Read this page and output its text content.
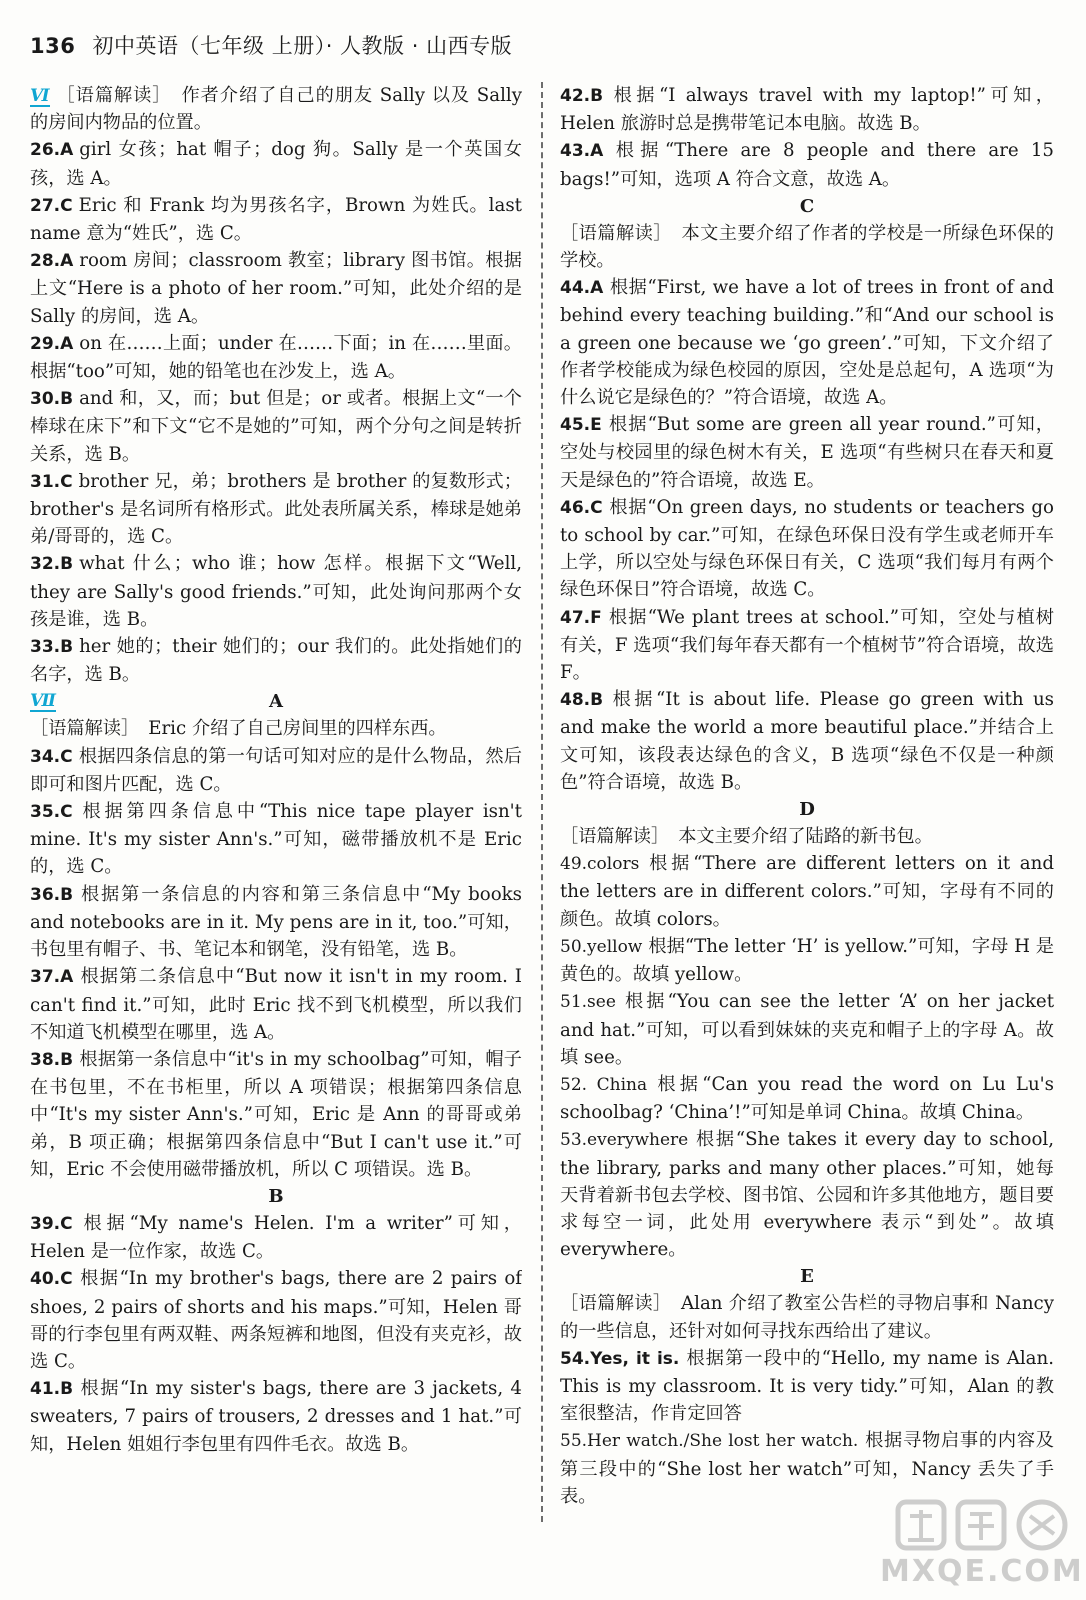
136 初中英语（七年级 上册）· 人教版 · 山西专版

Ⅵ ［语篇解读］　作者介绍了自己的朋友 Sally 以及 Sally 的房间内物品的位置。

26.A girl 女孩；hat 帽子；dog 狗。Sally 是一个英国女孩，选 A。

27.C Eric 和 Frank 均为男孩名字，Brown 为姓氏。last name 意为“姓氏”，选 C。

28.A room 房间；classroom 教室；library 图书馆。根据上文“Here is a photo of her room.”可知，此处介绍的是 Sally 的房间，选 A。

29.A on 在……上面；under 在……下面；in 在……里面。根据“too”可知，她的铅笔也在沙发上，选 A。

30.B and 和，又，而；but 但是；or 或者。根据上文“一个棒球在床下”和下文“它不是她的”可知，两个分句之间是转折关系，选 B。

31.C brother 兄，弟；brothers 是 brother 的复数形式；brother's 是名词所有格形式。此处表所属关系，棒球是她弟弟/哥哥的，选 C。

32.B what 什么；who 谁；how 怎样。根据下文“Well, they are Sally's good friends.”可知，此处询问那两个女孩是谁，选 B。

33.B her 她的；their 她们的；our 我们的。此处指她们的名字，选 B。

Ⅶ	A

［语篇解读］　Eric 介绍了自己房间里的四样东西。

34.C 根据四条信息的第一句话可知对应的是什么物品，然后即可和图片匹配，选 C。

35.C 根据第四条信息中“This nice tape player isn't mine. It's my sister Ann's.”可知，磁带播放机不是 Eric 的，选 C。

36.B 根据第一条信息的内容和第三条信息中“My books and notebooks are in it. My pens are in it, too.”可知，书包里有帽子、书、笔记本和钢笔，没有铅笔，选 B。

37.A 根据第二条信息中“But now it isn't in my room. I can't find it.”可知，此时 Eric 找不到飞机模型，所以我们不知道飞机模型在哪里，选 A。

38.B 根据第一条信息中“it's in my schoolbag”可知，帽子在书包里，不在书柜里，所以 A 项错误；根据第四条信息中“It's my sister Ann's.”可知，Eric 是 Ann 的哥哥或弟弟，B 项正确；根据第四条信息中“But I can't use it.”可知，Eric 不会使用磁带播放机，所以 C 项错误。选 B。

B

39.C 根据“My name's Helen. I'm a writer”可知，Helen 是一位作家，故选 C。

40.C 根据“In my brother's bags, there are 2 pairs of shoes, 2 pairs of shorts and his maps.”可知，Helen 哥哥的行李包里有两双鞋、两条短裤和地图，但没有夹克衫，故选 C。

41.B 根据“In my sister's bags, there are 3 jackets, 4 sweaters, 7 pairs of trousers, 2 dresses and 1 hat.”可知，Helen 姐姐行李包里有四件毛衣。故选 B。

42.B 根据“I always travel with my laptop!”可知，Helen 旅游时总是携带笔记本电脑。故选 B。

43.A 根据“There are 8 people and there are 15 bags!”可知，选项 A 符合文意，故选 A。

C

［语篇解读］　本文主要介绍了作者的学校是一所绿色环保的学校。

44.A 根据“First, we have a lot of trees in front of and behind every teaching building.”和“And our school is a green one because we ‘go green’.”可知，下文介绍了作者学校能成为绿色校园的原因，空处是总起句，A 选项“为什么说它是绿色的？”符合语境，故选 A。

45.E 根据“But some are green all year round.”可知，空处与校园里的绿色树木有关，E 选项“有些树只在春天和夏天是绿色的”符合语境，故选 E。

46.C 根据“On green days, no students or teachers go to school by car.”可知，在绿色环保日没有学生或老师开车上学，所以空处与绿色环保日有关，C 选项“我们每月有两个绿色环保日”符合语境，故选 C。

47.F 根据“We plant trees at school.”可知，空处与植树有关，F 选项“我们每年春天都有一个植树节”符合语境，故选 F。

48.B 根据“It is about life. Please go green with us and make the world a more beautiful place.”并结合上文可知，该段表达绿色的含义，B 选项“绿色不仅是一种颜色”符合语境，故选 B。

D

［语篇解读］　本文主要介绍了陆路的新书包。

49.colors 根据“There are different letters on it and the letters are in different colors.”可知，字母有不同的颜色。故填 colors。

50.yellow 根据“The letter ‘H’ is yellow.”可知，字母 H 是黄色的。故填 yellow。

51.see 根据“You can see the letter ‘A’ on her jacket and hat.”可知，可以看到妹妹的夹克和帽子上的字母 A。故填 see。

52. China 根据“Can you read the word on Lu Lu's schoolbag? ‘China’!”可知是单词 China。故填 China。

53.everywhere 根据“She takes it every day to school, the library, parks and many other places.”可知，她每天背着新书包去学校、图书馆、公园和许多其他地方，题目要求每空一词，此处用 everywhere 表示“到处”。故填 everywhere。

E

［语篇解读］　Alan 介绍了教室公告栏的寻物启事和 Nancy 的一些信息，还针对如何寻找东西给出了建议。

54.Yes, it is. 根据第一段中的“Hello, my name is Alan. This is my classroom. It is very tidy.”可知，Alan 的教室很整洁，作肯定回答

55.Her watch./She lost her watch. 根据寻物启事的内容及第三段中的“She lost her watch”可知，Nancy 丢失了手表。

MXQE.COM
